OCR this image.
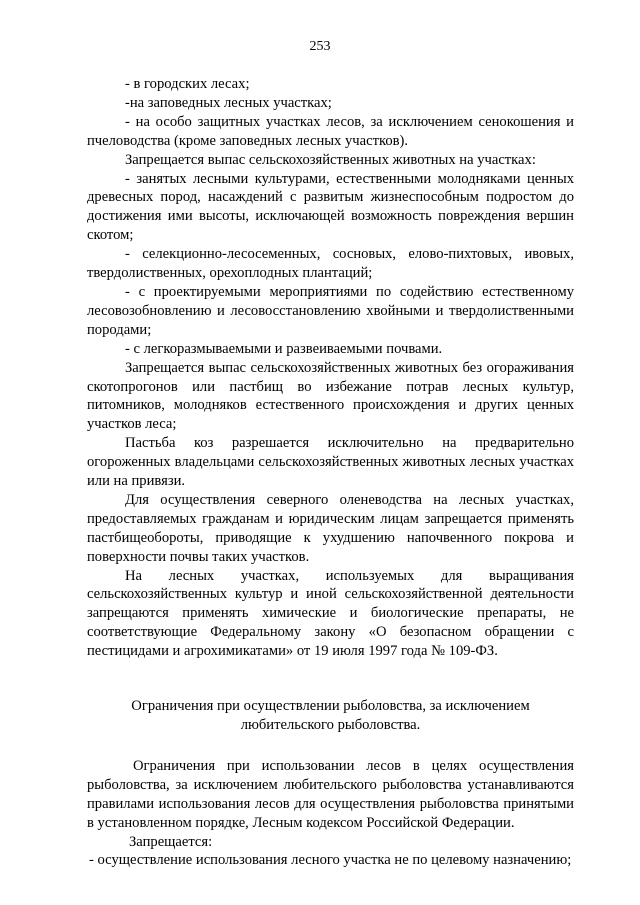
253

- в городских лесах;

-на заповедных лесных участках;

- на особо защитных участках лесов, за исключением сенокошения и пчеловодства (кроме заповедных лесных участков).

Запрещается выпас сельскохозяйственных животных на участках:

- занятых лесными культурами, естественными молодняками ценных древесных пород, насаждений с развитым жизнеспособным подростом до достижения ими высоты, исключающей возможность повреждения вершин скотом;

- селекционно-лесосеменных, сосновых, елово-пихтовых, ивовых, твердолиственных, орехоплодных плантаций;

- с проектируемыми мероприятиями по содействию естественному лесовозобновлению и лесовосстановлению хвойными и твердолиственными породами;

- с легкоразмываемыми и развеиваемыми почвами.

Запрещается выпас сельскохозяйственных животных без огораживания скотопрогонов или пастбищ во избежание потрав лесных культур, питомников, молодняков естественного происхождения и других ценных участков леса;

Пастьба коз разрешается исключительно на предварительно огороженных владельцами сельскохозяйственных животных лесных участках или на привязи.

Для осуществления северного оленеводства на лесных участках, предоставляемых гражданам и юридическим лицам запрещается применять пастбищеобороты, приводящие к ухудшению напочвенного покрова и поверхности почвы таких участков.

На лесных участках, используемых для выращивания сельскохозяйственных культур и иной сельскохозяйственной деятельности запрещаются применять химические и биологические препараты, не соответствующие Федеральному закону «О безопасном обращении с пестицидами и агрохимикатами» от 19 июля 1997 года № 109-ФЗ.

Ограничения при осуществлении рыболовства, за исключением любительского рыболовства.

Ограничения при использовании лесов в целях осуществления рыболовства, за исключением любительского рыболовства устанавливаются правилами использования лесов для осуществления рыболовства принятыми в установленном порядке, Лесным кодексом Российской Федерации.

Запрещается:

- осуществление использования лесного участка не по целевому назначению;
